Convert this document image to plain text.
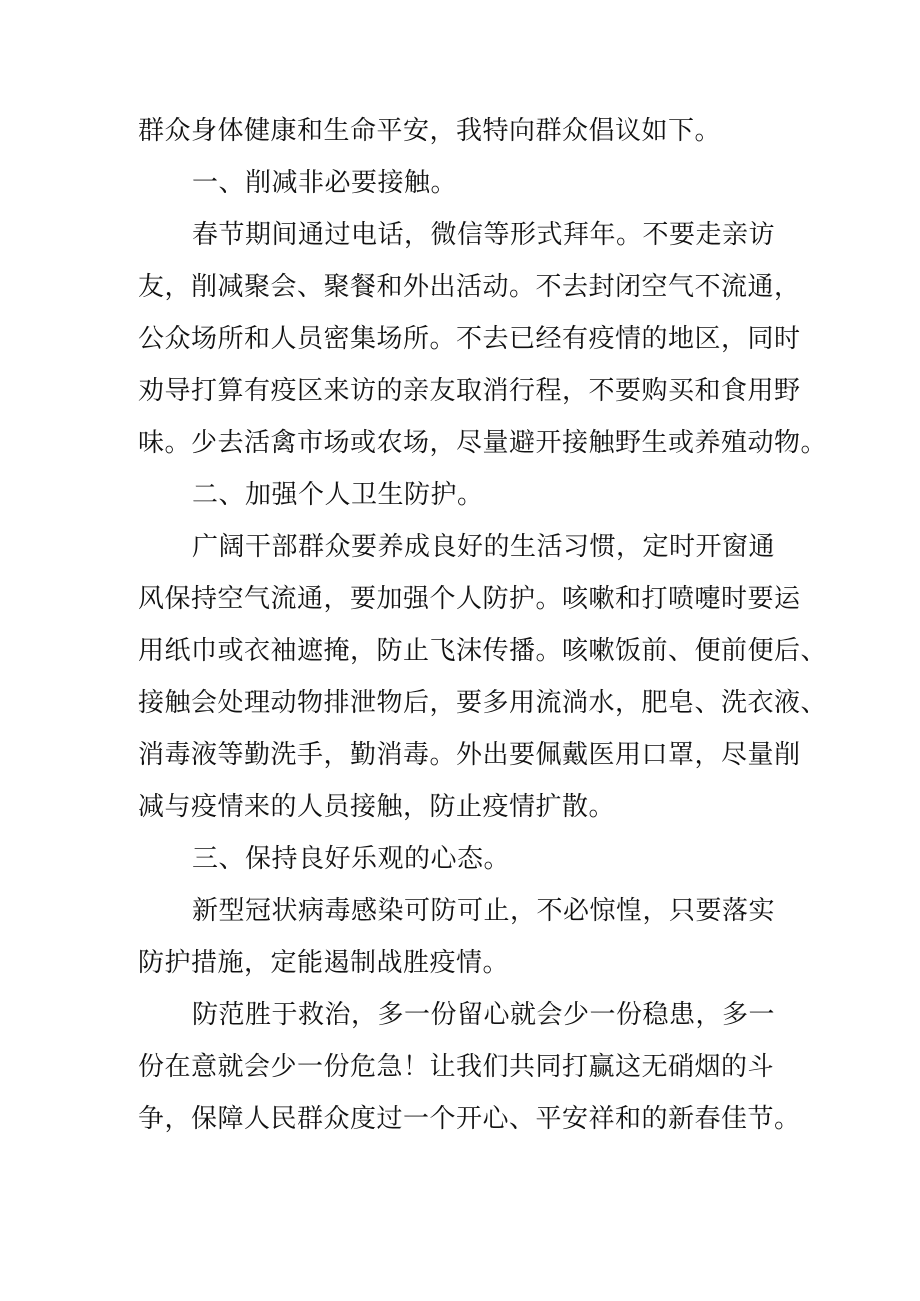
群众身体健康和生命平安，我特向群众倡议如下。
一、削减非必要接触。
春节期间通过电话，微信等形式拜年。不要走亲访
友，削减聚会、聚餐和外出活动。不去封闭空气不流通，
公众场所和人员密集场所。不去已经有疫情的地区，同时
劝导打算有疫区来访的亲友取消行程，不要购买和食用野
味。少去活禽市场或农场，尽量避开接触野生或养殖动物。
二、加强个人卫生防护。
广阔干部群众要养成良好的生活习惯，定时开窗通
风保持空气流通，要加强个人防护。咳嗽和打喷嚏时要运
用纸巾或衣袖遮掩，防止飞沫传播。咳嗽饭前、便前便后、
接触会处理动物排泄物后，要多用流淌水，肥皂、洗衣液、
消毒液等勤洗手，勤消毒。外出要佩戴医用口罩，尽量削
减与疫情来的人员接触，防止疫情扩散。
三、保持良好乐观的心态。
新型冠状病毒感染可防可止，不必惊惶，只要落实
防护措施，定能遏制战胜疫情。
防范胜于救治，多一份留心就会少一份稳患，多一
份在意就会少一份危急！让我们共同打赢这无硝烟的斗
争，保障人民群众度过一个开心、平安祥和的新春佳节。
